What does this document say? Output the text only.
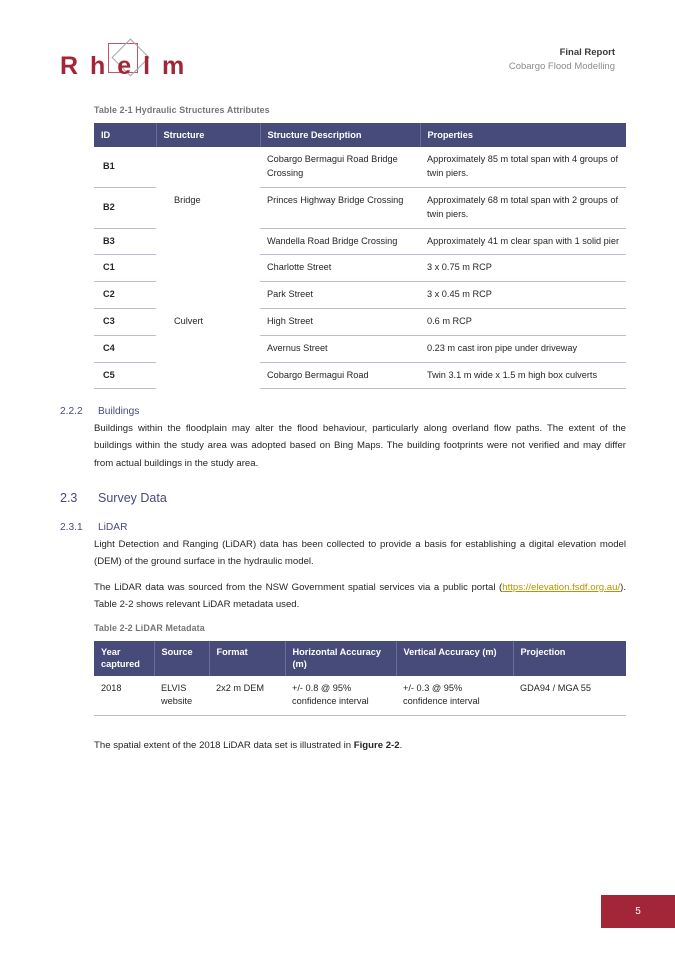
R h e l m	Final Report
Cobargo Flood Modelling
Table 2-1 Hydraulic Structures Attributes
ID	Structure	Structure Description	Properties
B1	Bridge	Cobargo Bermagui Road Bridge Crossing	Approximately 85 m total span with 4 groups of twin piers.
B2		Princes Highway Bridge Crossing	Approximately 68 m total span with 2 groups of twin piers.
B3		Wandella Road Bridge Crossing	Approximately 41 m clear span with 1 solid pier
C1	Culvert	Charlotte Street	3 x 0.75 m RCP
C2		Park Street	3 x 0.45 m RCP
C3		High Street	0.6 m RCP
C4		Avernus Street	0.23 m cast iron pipe under driveway
C5		Cobargo Bermagui Road	Twin 3.1 m wide x 1.5 m high box culverts
2.2.2	Buildings

Buildings within the floodplain may alter the flood behaviour, particularly along overland flow paths. The extent of the buildings within the study area was adopted based on Bing Maps. The building footprints were not verified and may differ from actual buildings in the study area.

2.3	Survey Data
2.3.1	LiDAR

Light Detection and Ranging (LiDAR) data has been collected to provide a basis for establishing a digital elevation model (DEM) of the ground surface in the hydraulic model.

The LiDAR data was sourced from the NSW Government spatial services via a public portal (https://elevation.fsdf.org.au/). Table 2-2 shows relevant LiDAR metadata used.

Table 2-2 LiDAR Metadata
Year captured	Source	Format	Horizontal Accuracy (m)	Vertical Accuracy (m)	Projection
2018	ELVIS website	2x2 m DEM	+/- 0.8 @ 95% confidence interval	+/- 0.3 @ 95% confidence interval	GDA94 / MGA 55

The spatial extent of the 2018 LiDAR data set is illustrated in Figure 2-2.

5
